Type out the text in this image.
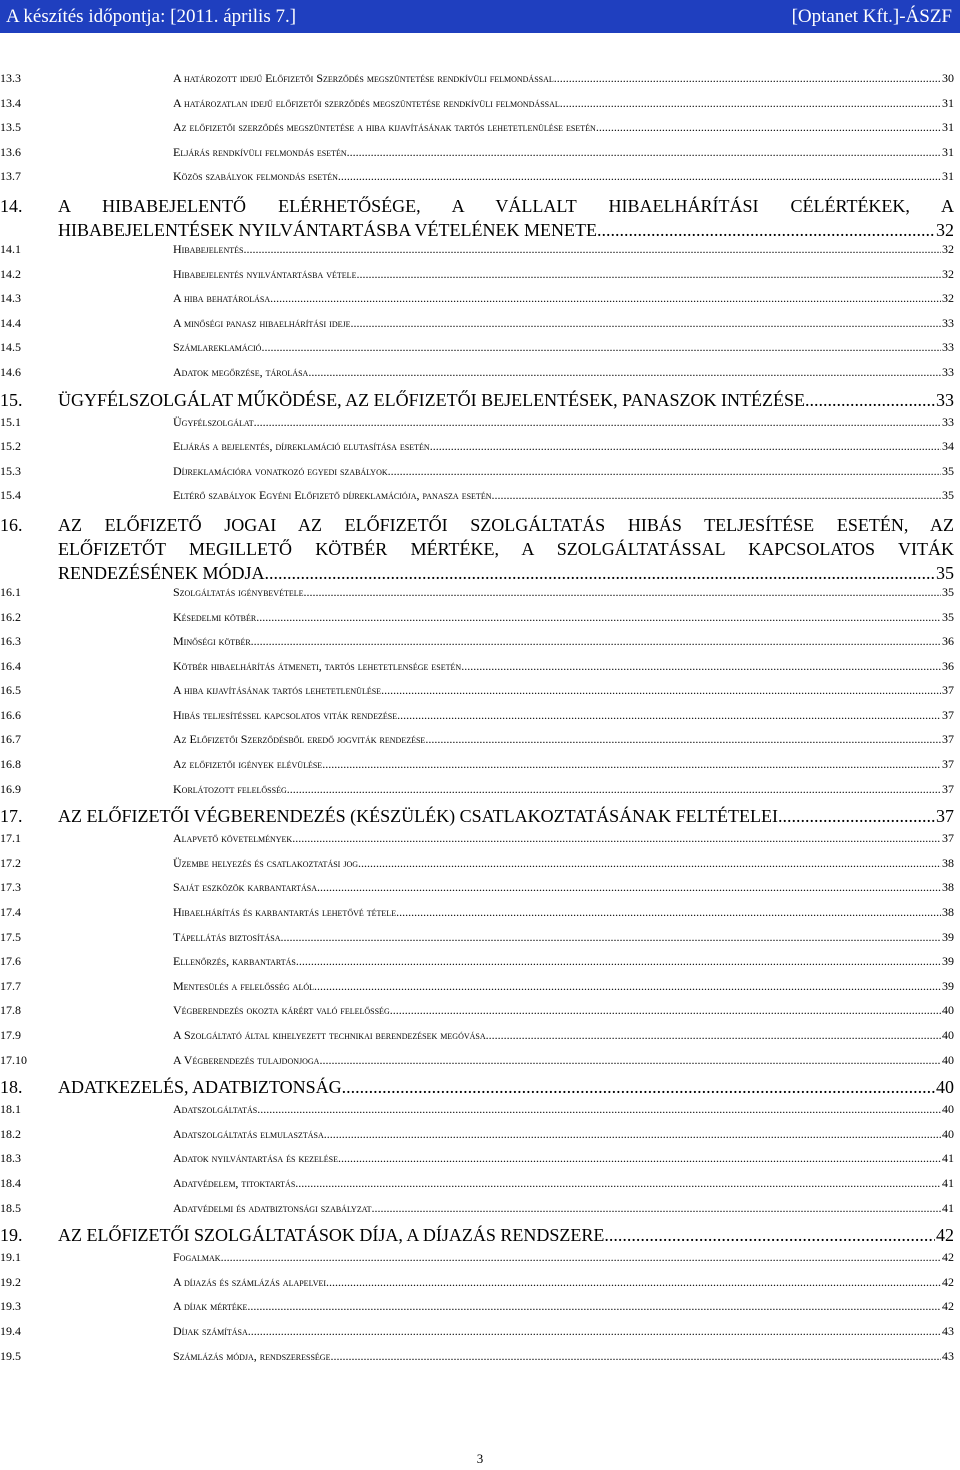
A készítés időpontja: [2011. április 7.]	[Optanet Kft.]-ÁSZF
13.3	A határozott idejű Előfizetői Szerződés megszüntetése rendkívüli felmondással .....	30
13.4	A határozatlan idejű előfizetői szerződés megszüntetése rendkívüli felmondással .....	31
13.5	Az előfizetői szerződés megszüntetése a hiba kijavításának tartós lehetetlenülése esetén .....	31
13.6	Eljárás rendkívüli felmondás esetén .....	31
13.7	Közös szabályok felmondás esetén .....	31
14. A HIBABEJELENTŐ ELÉRHETŐSÉGE, A VÁLLALT HIBAELHÁRÍTÁSI CÉLÉRTÉKEK, A
HIBABEJELENTÉSEK NYILVÁNTARTÁSBA VÉTELÉNEK MENETE .....	32
14.1	Hibabejelentés .....	32
14.2	Hibabejelentés nyilvántartásba vétele .....	32
14.3	A hiba behatárolása .....	32
14.4	A minőségi panasz hibaelhárítási ideje .....	33
14.5	Számlareklamáció .....	33
14.6	Adatok megőrzése, tárolása .....	33
15. ÜGYFÉLSZOLGÁLAT MŰKÖDÉSE, AZ ELŐFIZETŐI BEJELENTÉSEK, PANASZOK INTÉZÉSE .....	33
15.1	Ügyfélszolgálat .....	33
15.2	Eljárás a bejelentés, díjreklamáció elutasítása esetén .....	34
15.3	Díjreklamációra vonatkozó egyedi szabályok .....	35
15.4	Eltérő szabályok Egyéni Előfizető díjreklamációja, panasza esetén .....	35
16. AZ ELŐFIZETŐ JOGAI AZ ELŐFIZETŐI SZOLGÁLTATÁS HIBÁS TELJESÍTÉSE ESETÉN, AZ
ELŐFIZETŐT MEGILLETŐ KÖTBÉR MÉRTÉKE, A SZOLGÁLTATÁSSAL KAPCSOLATOS VITÁK
RENDEZÉSÉNEK MÓDJA .....	35
16.1	Szolgáltatás igénybevétele .....	35
16.2	Késedelmi kötbér .....	35
16.3	Minőségi kötbér .....	36
16.4	Kötbér hibaelhárítás átmeneti, tartós lehetetlensége esetén .....	36
16.5	A hiba kijavításának tartós lehetetlenülése .....	37
16.6	Hibás teljesítéssel kapcsolatos viták rendezése .....	37
16.7	Az Előfizetői Szerződésből eredő jogviták rendezése .....	37
16.8	Az előfizetői igények elévülése .....	37
16.9	Korlátozott felelősség .....	37
17. AZ ELŐFIZETŐI VÉGBERENDEZÉS (KÉSZÜLÉK) CSATLAKOZTATÁSÁNAK FELTÉTELEI .....	37
17.1	Alapvető követelmények .....	37
17.2	Üzembe helyezés és csatlakoztatási jog .....	38
17.3	Saját eszközök karbantartása .....	38
17.4	Hibaelhárítás és karbantartás lehetővé tétele .....	38
17.5	Tápellátás biztosítása .....	39
17.6	Ellenőrzés, karbantartás .....	39
17.7	Mentesülés a felelősség alól .....	39
17.8	Végberendezés okozta kárért való felelősség .....	40
17.9	A Szolgáltató által kihelyezett technikai berendezések megóvása .....	40
17.10	A Végberendezés tulajdonjoga .....	40
18. ADATKEZELÉS, ADATBIZTONSÁG .....	40
18.1	Adatszolgáltatás .....	40
18.2	Adatszolgáltatás elmulasztása .....	40
18.3	Adatok nyilvántartása és kezelése .....	41
18.4	Adatvédelem, titoktartás .....	41
18.5	Adatvédelmi és adatbiztonsági szabályzat .....	41
19. AZ ELŐFIZETŐI SZOLGÁLTATÁSOK DÍJA, A DÍJAZÁS RENDSZERE .....	42
19.1	Fogalmak .....	42
19.2	A díjazás és számlázás alapelvei .....	42
19.3	A díjak mértéke .....	42
19.4	Díjak számítása .....	43
19.5	Számlázás módja, rendszeressége .....	43
3
